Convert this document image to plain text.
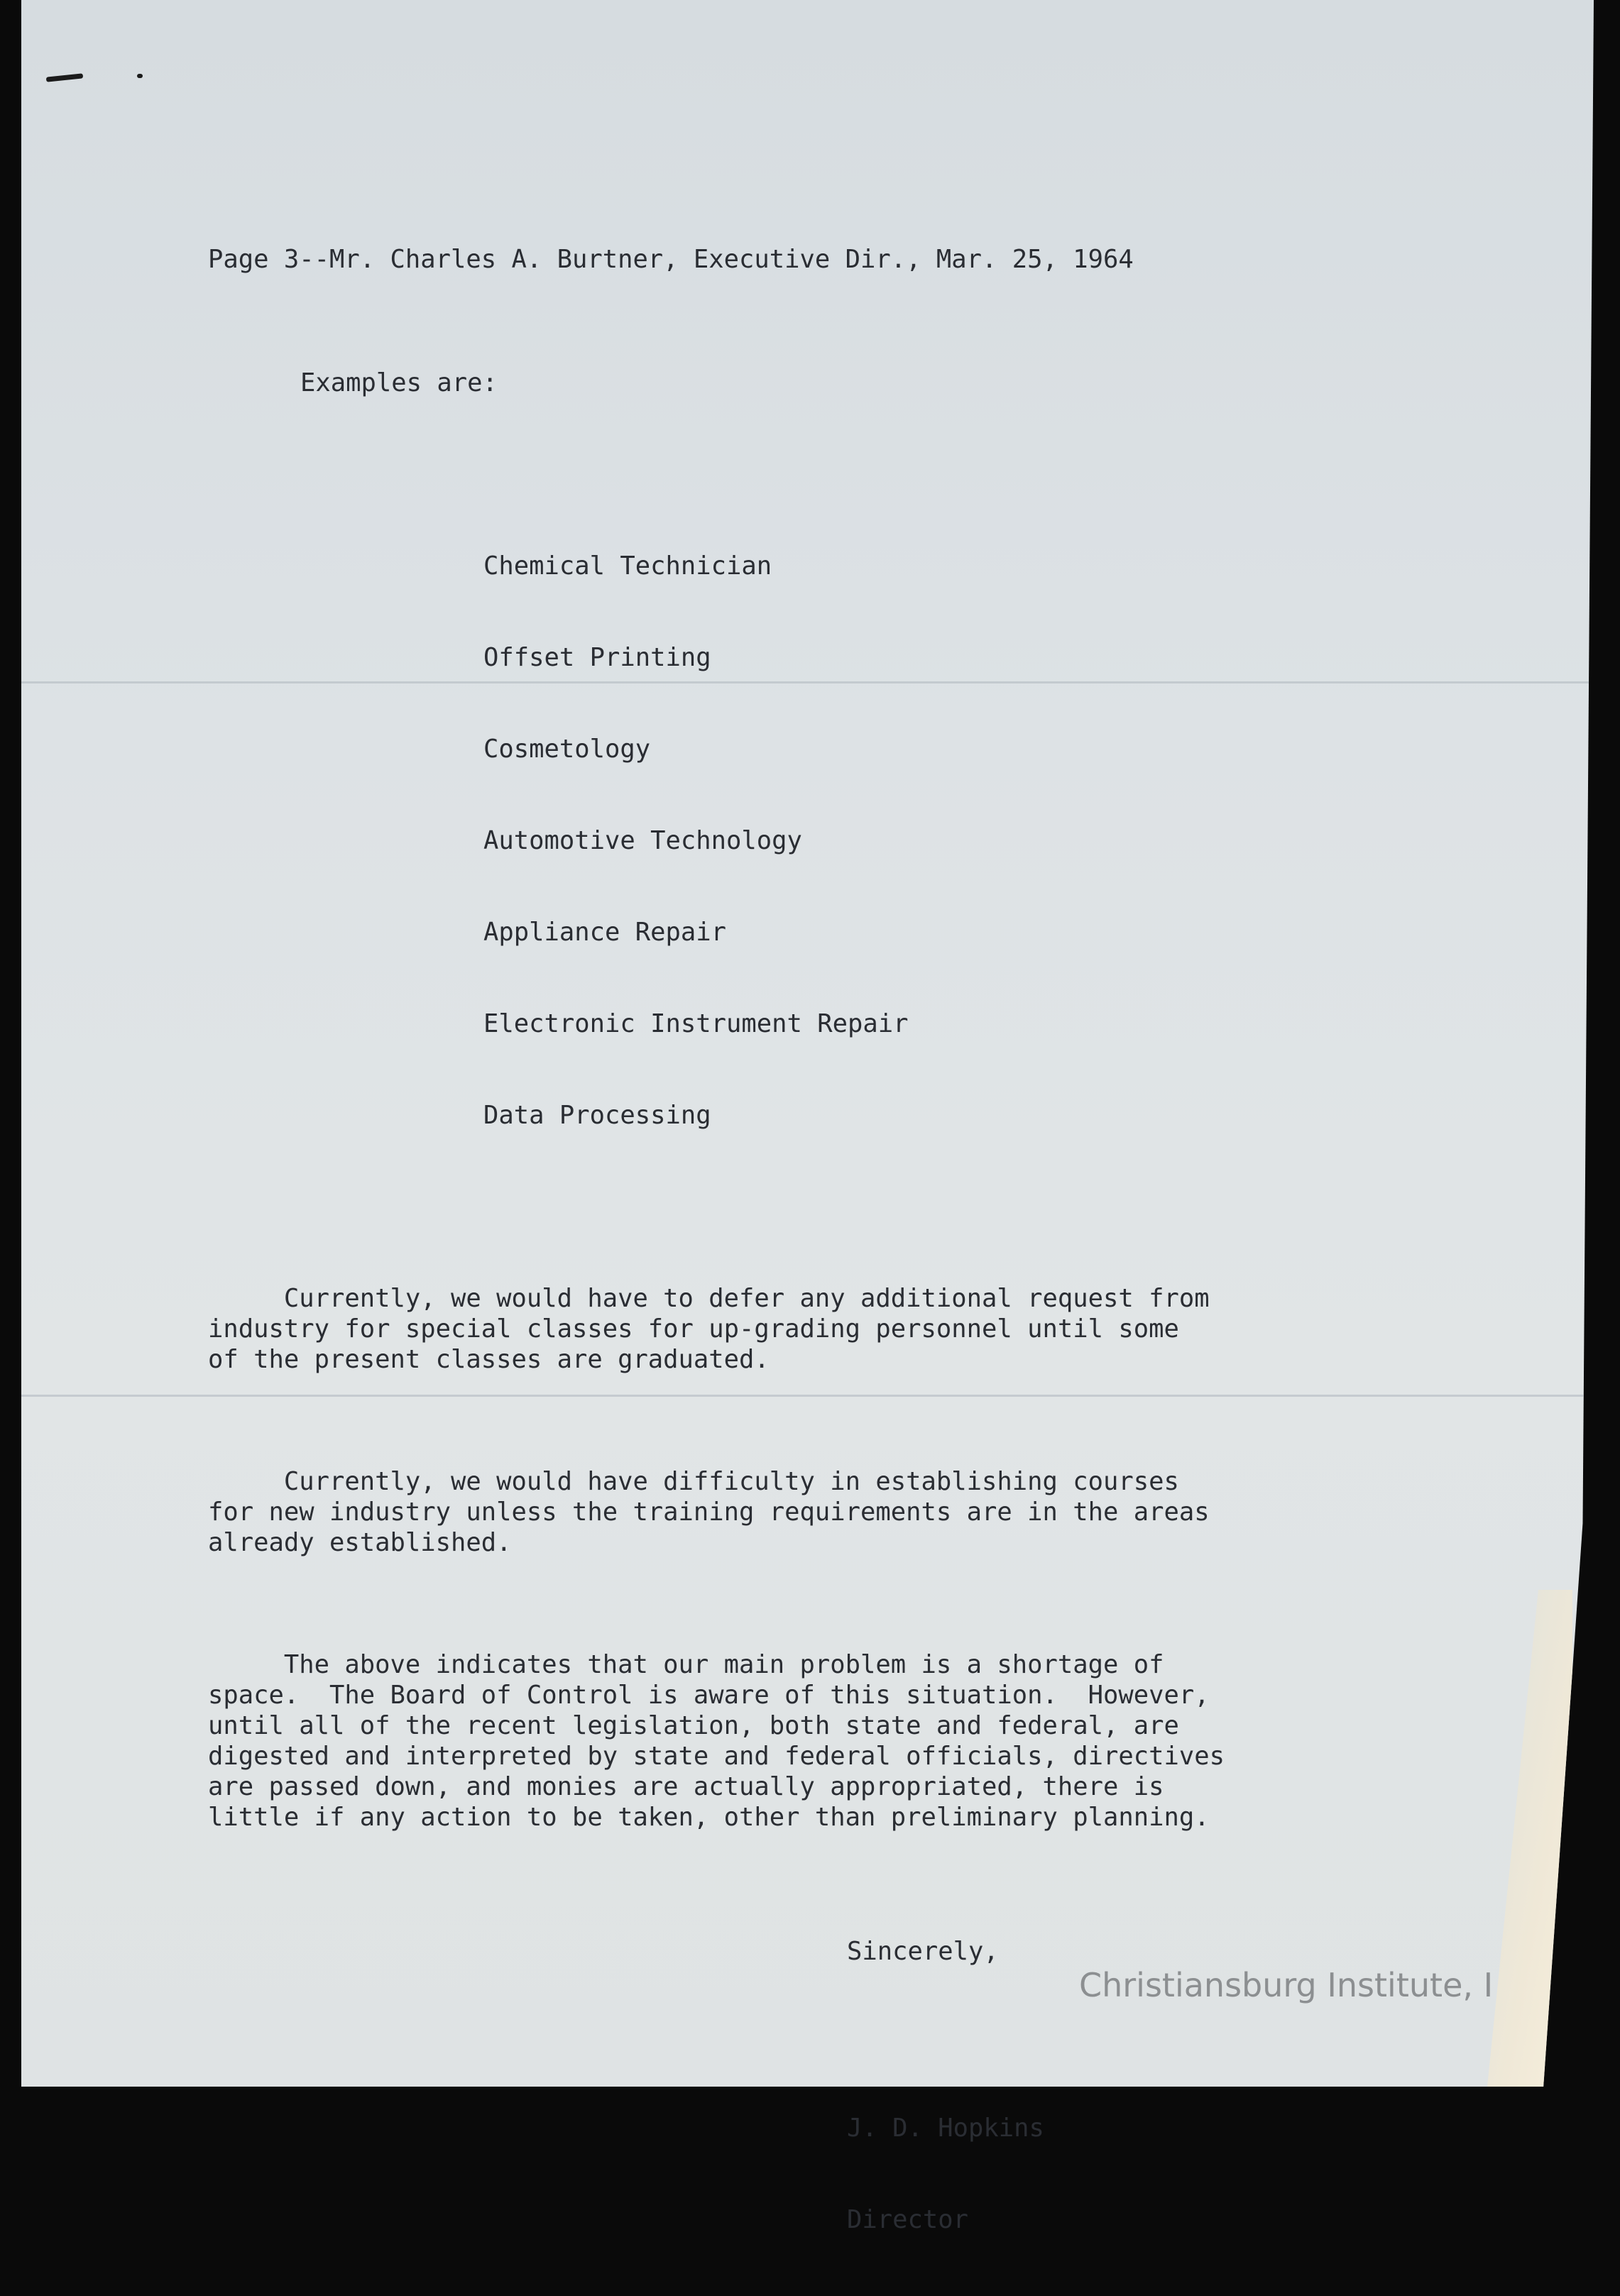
Page 3--Mr. Charles A. Burtner, Executive Dir., Mar. 25, 1964

Examples are:

Chemical Technician

Offset Printing

Cosmetology

Automotive Technology

Appliance Repair

Electronic Instrument Repair

Data Processing

Currently, we would have to defer any additional request from
industry for special classes for up-grading personnel until some
of the present classes are graduated.

Currently, we would have difficulty in establishing courses
for new industry unless the training requirements are in the areas
already established.

The above indicates that our main problem is a shortage of
space.  The Board of Control is aware of this situation.  However,
until all of the recent legislation, both state and federal, are
digested and interpreted by state and federal officials, directives
are passed down, and monies are actually appropriated, there is
little if any action to be taken, other than preliminary planning.

Sincerely,

J. D. Hopkins

Director

Christiansburg Institute, I
